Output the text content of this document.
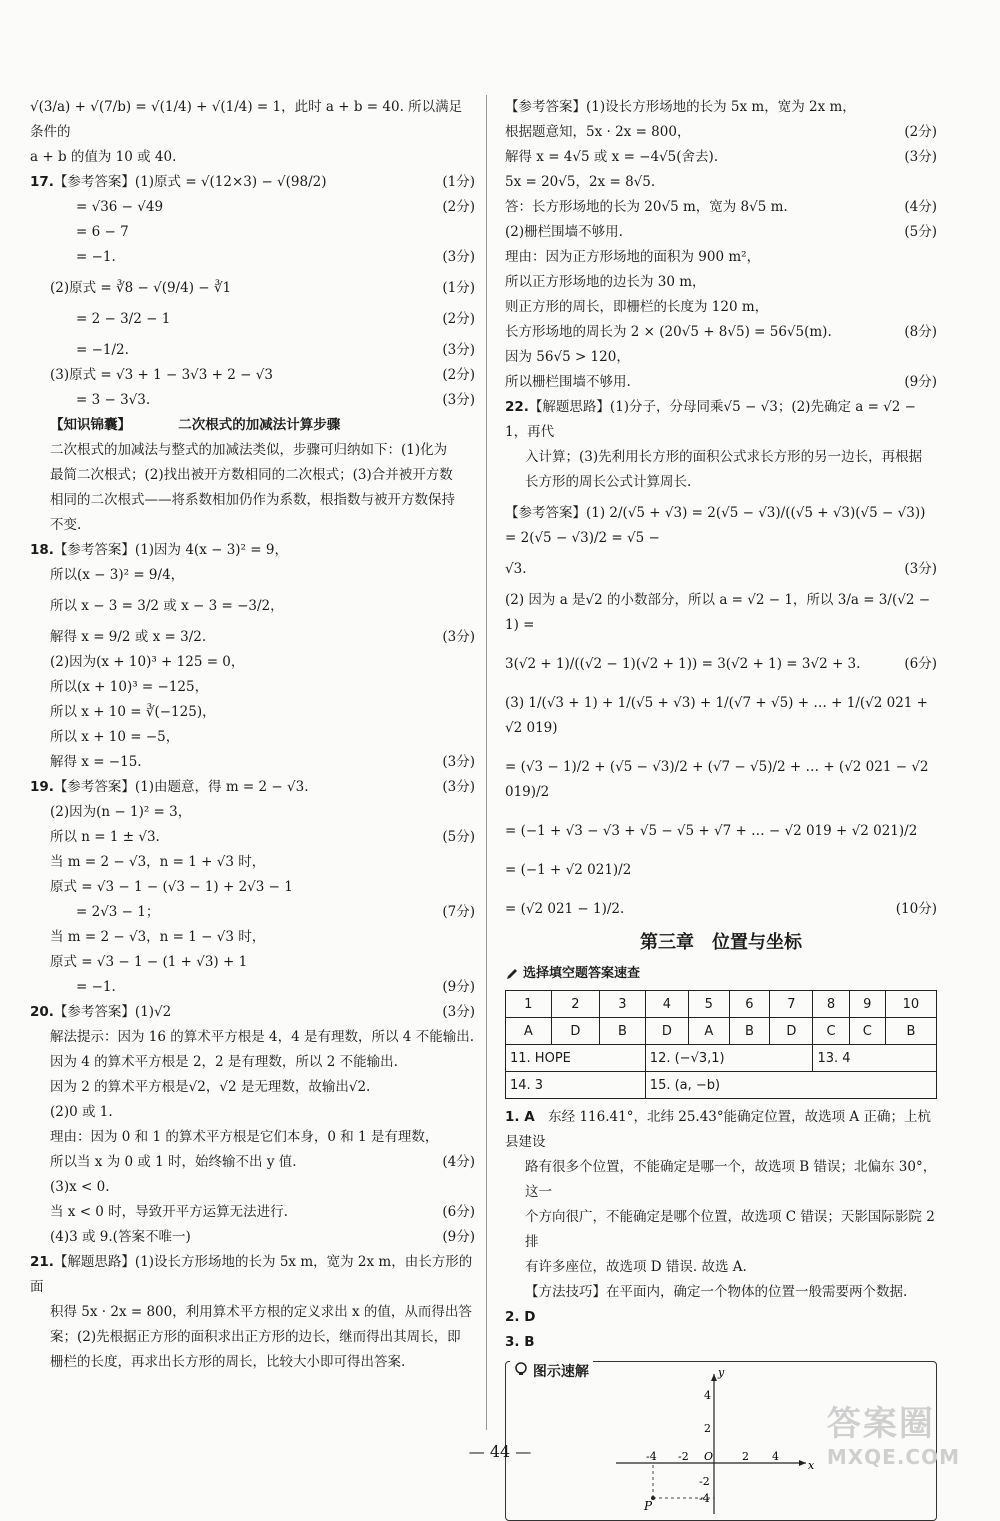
√(3/a) + √(7/b) = √(1/4) + √(1/4) = 1，此时 a + b = 40. 所以满足条件的
a + b 的值为 10 或 40.
17.【参考答案】(1)原式 = √(12×3) − √(98/2)	(1分)
= √36 − √49	(2分)
= 6 − 7
= −1.	(3分)
(2)原式 = ∛8 − √(9/4) − ∛1	(1分)
= 2 − 3/2 − 1	(2分)
= −1/2.	(3分)
(3)原式 = √3 + 1 − 3√3 + 2 − √3	(2分)
= 3 − 3√3.	(3分)
【知识锦囊】　　　　	二次根式的加减法计算步骤
二次根式的加减法与整式的加减法类似，步骤可归纳如下：(1)化为
最简二次根式；(2)找出被开方数相同的二次根式；(3)合并被开方数
相同的二次根式——将系数相加仍作为系数，根指数与被开方数保持
不变.
18.【参考答案】(1)因为 4(x − 3)² = 9，
所以(x − 3)² = 9/4，
所以 x − 3 = 3/2 或 x − 3 = −3/2，
解得 x = 9/2 或 x = 3/2.	(3分)
(2)因为(x + 10)³ + 125 = 0，
所以(x + 10)³ = −125，
所以 x + 10 = ∛(−125)，
所以 x + 10 = −5，
解得 x = −15.	(3分)
19.【参考答案】(1)由题意，得 m = 2 − √3.	(3分)
(2)因为(n − 1)² = 3，
所以 n = 1 ± √3.	(5分)
当 m = 2 − √3，n = 1 + √3 时，
原式 = √3 − 1 − (√3 − 1) + 2√3 − 1
= 2√3 − 1；	(7分)
当 m = 2 − √3，n = 1 − √3 时，
原式 = √3 − 1 − (1 + √3) + 1
= −1.	(9分)
20.【参考答案】(1)√2	(3分)
解法提示：因为 16 的算术平方根是 4，4 是有理数，所以 4 不能输出.
因为 4 的算术平方根是 2，2 是有理数，所以 2 不能输出.
因为 2 的算术平方根是√2，√2 是无理数，故输出√2.
(2)0 或 1.
理由：因为 0 和 1 的算术平方根是它们本身，0 和 1 是有理数，
所以当 x 为 0 或 1 时，始终输不出 y 值.	(4分)
(3)x < 0.
当 x < 0 时，导致开平方运算无法进行.	(6分)
(4)3 或 9.(答案不唯一)	(9分)
21.【解题思路】(1)设长方形场地的长为 5x m，宽为 2x m，由长方形的面
积得 5x · 2x = 800，利用算术平方根的定义求出 x 的值，从而得出答
案；(2)先根据正方形的面积求出正方形的边长，继而得出其周长，即
栅栏的长度，再求出长方形的周长，比较大小即可得出答案.
【参考答案】(1)设长方形场地的长为 5x m，宽为 2x m，
根据题意知，5x · 2x = 800，	(2分)
解得 x = 4√5 或 x = −4√5(舍去).	(3分)
5x = 20√5，2x = 8√5.
答：长方形场地的长为 20√5 m，宽为 8√5 m.	(4分)
(2)栅栏围墙不够用.	(5分)
理由：因为正方形场地的面积为 900 m²，
所以正方形场地的边长为 30 m，
则正方形的周长，即栅栏的长度为 120 m，
长方形场地的周长为 2 × (20√5 + 8√5) = 56√5(m).	(8分)
因为 56√5 > 120，
所以栅栏围墙不够用.	(9分)
22.【解题思路】(1)分子，分母同乘√5 − √3；(2)先确定 a = √2 − 1，再代
入计算；(3)先利用长方形的面积公式求长方形的另一边长，再根据
长方形的周长公式计算周长.
【参考答案】(1) 2/(√5 + √3) = 2(√5 − √3)/((√5 + √3)(√5 − √3)) = 2(√5 − √3)/2 = √5 −
√3.	(3分)
(2) 因为 a 是√2 的小数部分，所以 a = √2 − 1，所以 3/a = 3/(√2 − 1) =
3(√2 + 1)/((√2 − 1)(√2 + 1)) = 3(√2 + 1) = 3√2 + 3.	(6分)
(3) 1/(√3 + 1) + 1/(√5 + √3) + 1/(√7 + √5) + … + 1/(√2 021 + √2 019)
= (√3 − 1)/2 + (√5 − √3)/2 + (√7 − √5)/2 + … + (√2 021 − √2 019)/2
= (−1 + √3 − √3 + √5 − √5 + √7 + … − √2 019 + √2 021)/2
= (−1 + √2 021)/2
= (√2 021 − 1)/2.	(10分)
第三章　位置与坐标
选择填空题答案速查
1	2	3	4	5	6	7	8	9	10
A	D	B	D	A	B	D	C	C	B
11. HOPE			12. (−√3,1)				13. 4		
14. 3			15. (a, −b)						
1. A　 东经 116.41°，北纬 25.43°能确定位置，故选项 A 正确；上杭县建设
路有很多个位置，不能确定是哪一个，故选项 B 错误；北偏东 30°，这一
个方向很广，不能确定是哪个位置，故选项 C 错误；天影国际影院 2 排
有许多座位，故选项 D 错误. 故选 A.
【方法技巧】在平面内，确定一个物体的位置一般需要两个数据.
2. D
3. B
图示速解
P
x
y
O
-4 -2	2 4
4
2
-2
-4
— 44 —
答案圈
MXQE.COM
